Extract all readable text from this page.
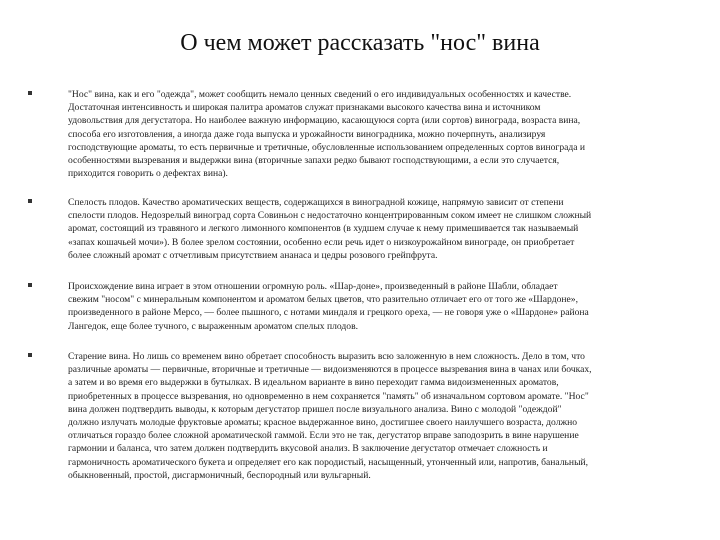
О чем может рассказать "нос" вина
"Нос" вина, как и его "одежда", может сообщить немало ценных сведений о его индивидуальных особенностях и качестве.
Достаточная интенсивность и широкая палитра ароматов служат признаками высокого качества вина и источником
удовольствия для дегустатора. Но наиболее важную информацию, касающуюся сорта (или сортов) винограда, возраста вина,
способа его изготовления, а иногда даже года выпуска и урожайности виноградника, можно почерпнуть, анализируя
господствующие ароматы, то есть первичные и третичные, обусловленные использованием определенных сортов винограда и
особенностями вызревания и выдержки вина (вторичные запахи редко бывают господствующими, а если это случается,
приходится говорить о дефектах вина).
Спелость плодов. Качество ароматических веществ, содержащихся в виноградной кожице, напрямую зависит от степени
спелости плодов. Недозрелый виноград сорта Совиньон с недостаточно концентрированным соком имеет не слишком сложный
аромат, состоящий из травяного и легкого лимонного компонентов (в худшем случае к нему примешивается так называемый
«запах кошачьей мочи»). В более зрелом состоянии, особенно если речь идет о низкоурожайном винограде, он приобретает
более сложный аромат с отчетливым присутствием ананаса и цедры розового грейпфрута.
Происхождение вина играет в этом отношении огромную роль. «Шар-доне», произведенный в районе Шабли, обладает
свежим "носом" с минеральным компонентом и ароматом белых цветов, что разительно отличает его от того же «Шардоне»,
произведенного в районе Мерсо, — более пышного, с нотами миндаля и грецкого ореха, — не говоря уже о «Шардоне» района
Лангедок, еще более тучного, с выраженным ароматом спелых плодов.
Старение вина. Но лишь со временем вино обретает способность выразить всю заложенную в нем сложность. Дело в том, что
различные ароматы — первичные, вторичные и третичные — видоизменяются в процессе вызревания вина в чанах или бочках,
а затем и во время его выдержки в бутылках. В идеальном варианте в вино переходит гамма видоизмененных ароматов,
приобретенных в процессе вызревания, но одновременно в нем сохраняется "память" об изначальном сортовом аромате. "Нос"
вина должен подтвердить выводы, к которым дегустатор пришел после визуального анализа. Вино с молодой "одеждой"
должно излучать молодые фруктовые ароматы; красное выдержанное вино, достигшее своего наилучшего возраста, должно
отличаться гораздо более сложной ароматической гаммой. Если это не так, дегустатор вправе заподозрить в вине нарушение
гармонии и баланса, что затем должен подтвердить вкусовой анализ. В заключение дегустатор отмечает сложность и
гармоничность ароматического букета и определяет его как породистый, насыщенный, утонченный или, напротив, банальный,
обыкновенный, простой, дисгармоничный, беспородный или вульгарный.
